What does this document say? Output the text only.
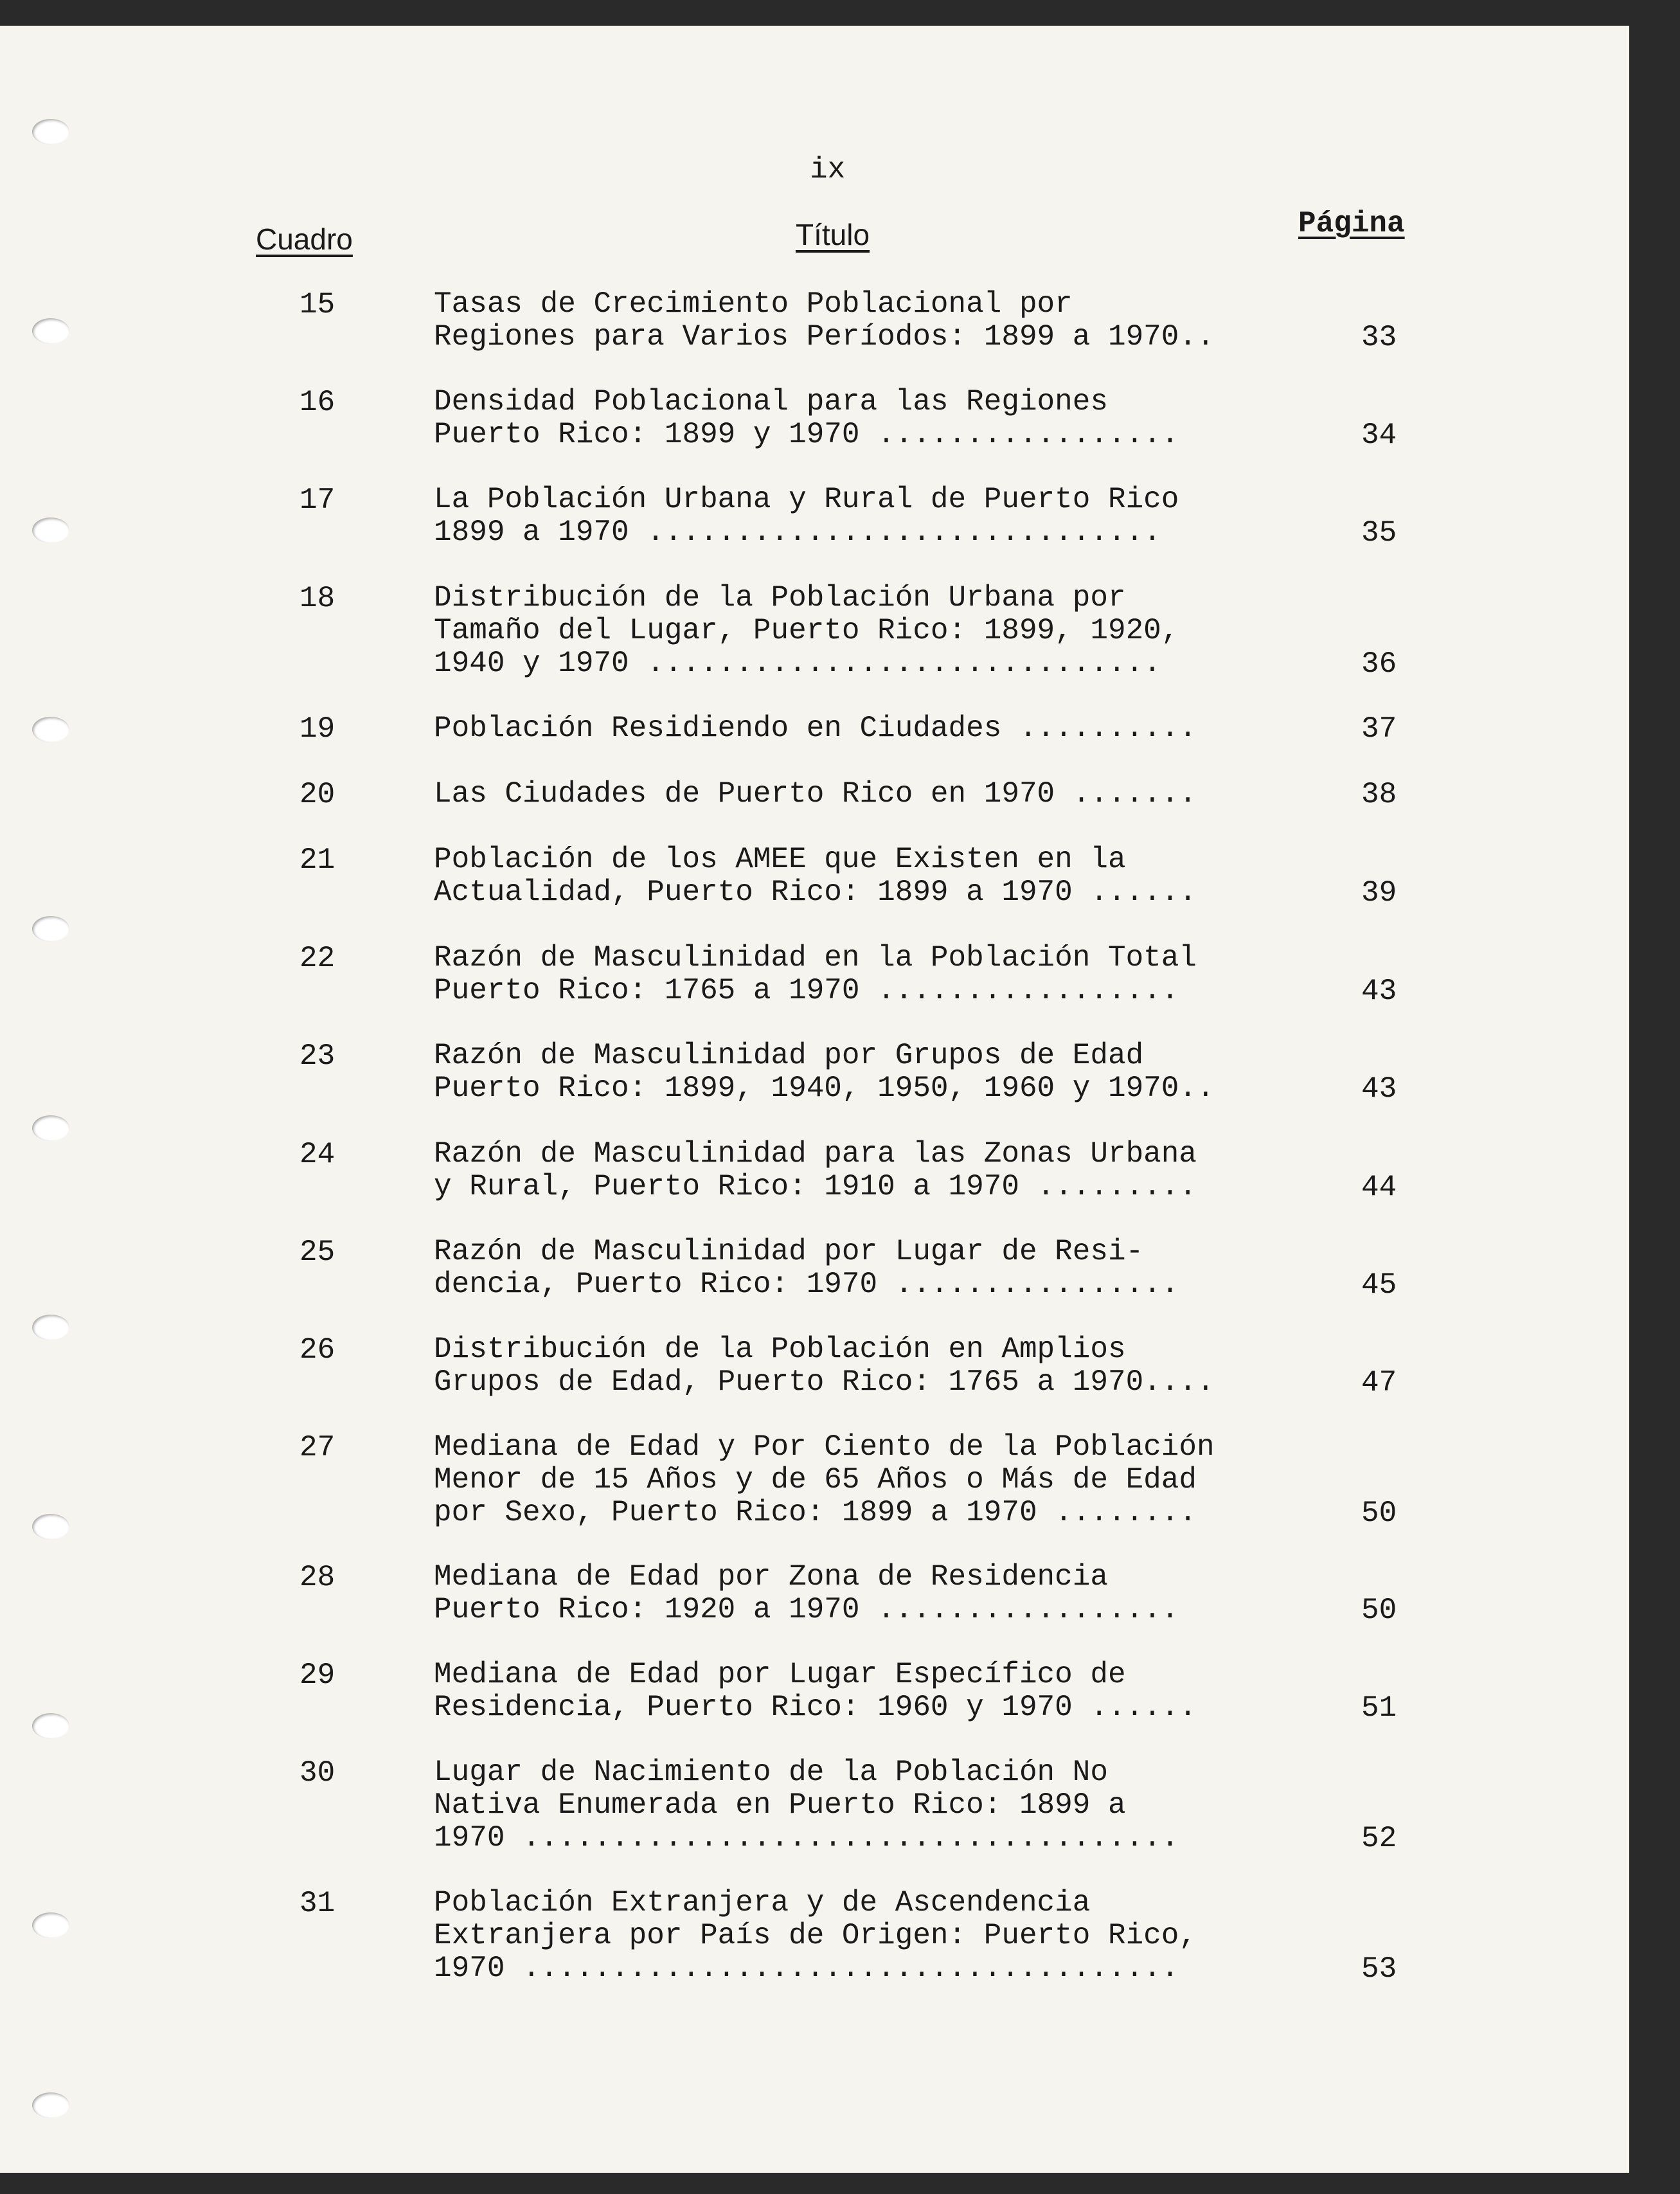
ix
Cuadro	Título	Página
15	Tasas de Crecimiento Poblacional por
Regiones para Varios Períodos: 1899 a 1970..	33
16	Densidad Poblacional para las Regiones
Puerto Rico: 1899 y 1970 .................	34
17	La Población Urbana y Rural de Puerto Rico
1899 a 1970 .............................	35
18	Distribución de la Población Urbana por
Tamaño del Lugar, Puerto Rico: 1899, 1920,
1940 y 1970 .............................	36
19	Población Residiendo en Ciudades ..........	37
20	Las Ciudades de Puerto Rico en 1970 .......	38
21	Población de los AMEE que Existen en la
Actualidad, Puerto Rico: 1899 a 1970 ......	39
22	Razón de Masculinidad en la Población Total
Puerto Rico: 1765 a 1970 .................	43
23	Razón de Masculinidad por Grupos de Edad
Puerto Rico: 1899, 1940, 1950, 1960 y 1970..	43
24	Razón de Masculinidad para las Zonas Urbana
y Rural, Puerto Rico: 1910 a 1970 .........	44
25	Razón de Masculinidad por Lugar de Resi-
dencia, Puerto Rico: 1970 ................	45
26	Distribución de la Población en Amplios
Grupos de Edad, Puerto Rico: 1765 a 1970....	47
27	Mediana de Edad y Por Ciento de la Población
Menor de 15 Años y de 65 Años o Más de Edad
por Sexo, Puerto Rico: 1899 a 1970 ........	50
28	Mediana de Edad por Zona de Residencia
Puerto Rico: 1920 a 1970 .................	50
29	Mediana de Edad por Lugar Específico de
Residencia, Puerto Rico: 1960 y 1970 ......	51
30	Lugar de Nacimiento de la Población No
Nativa Enumerada en Puerto Rico: 1899 a
1970 .....................................	52
31	Población Extranjera y de Ascendencia
Extranjera por País de Origen: Puerto Rico,
1970 .....................................	53
